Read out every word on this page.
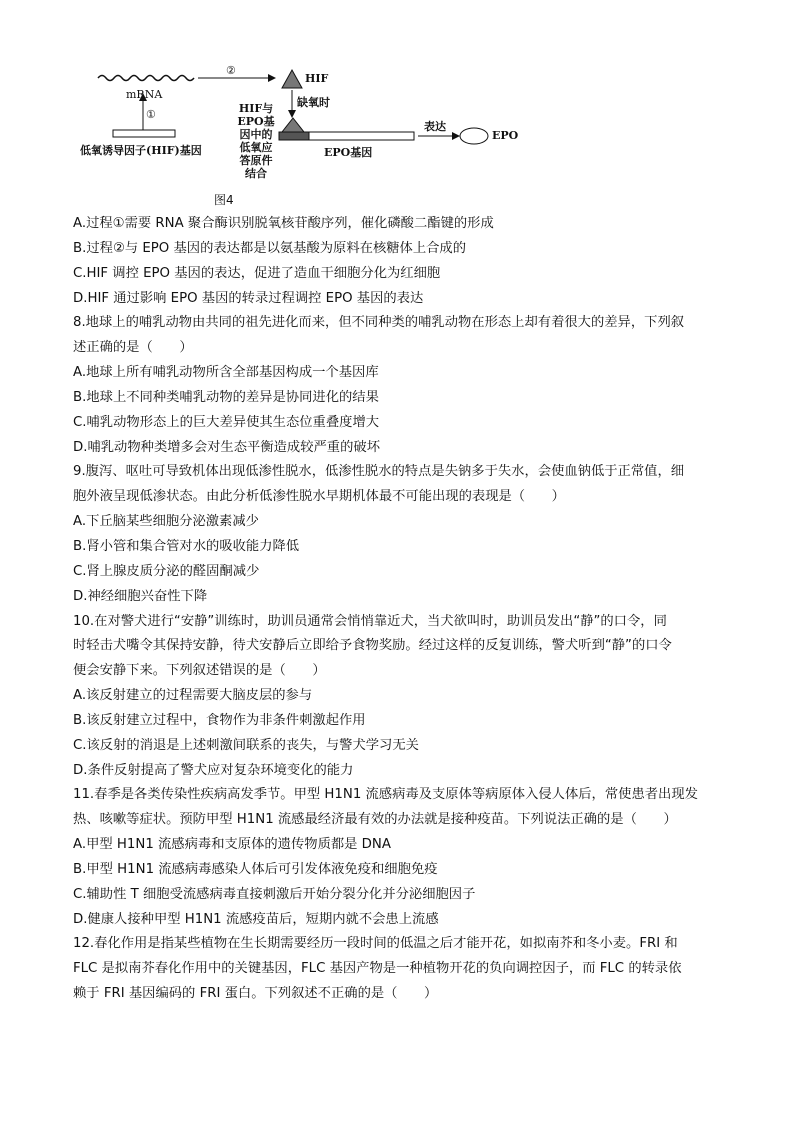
mRNA
①
②
HIF
缺氧时
低氧诱导因子(HIF)基因
HIF与
EPO基
因中的
低氧应
答原件
结合
EPO基因
表达
EPO
图4
A.过程①需要 RNA 聚合酶识别脱氧核苷酸序列，催化磷酸二酯键的形成
B.过程②与 EPO 基因的表达都是以氨基酸为原料在核糖体上合成的
C.HIF 调控 EPO 基因的表达，促进了造血干细胞分化为红细胞
D.HIF 通过影响 EPO 基因的转录过程调控 EPO 基因的表达
8.地球上的哺乳动物由共同的祖先进化而来，但不同种类的哺乳动物在形态上却有着很大的差异，下列叙
述正确的是（　　）
A.地球上所有哺乳动物所含全部基因构成一个基因库
B.地球上不同种类哺乳动物的差异是协同进化的结果
C.哺乳动物形态上的巨大差异使其生态位重叠度增大
D.哺乳动物种类增多会对生态平衡造成较严重的破坏
9.腹泻、呕吐可导致机体出现低渗性脱水，低渗性脱水的特点是失钠多于失水，会使血钠低于正常值，细
胞外液呈现低渗状态。由此分析低渗性脱水早期机体最不可能出现的表现是（　　）
A.下丘脑某些细胞分泌激素减少
B.肾小管和集合管对水的吸收能力降低
C.肾上腺皮质分泌的醛固酮减少
D.神经细胞兴奋性下降
10.在对警犬进行“安静”训练时，助训员通常会悄悄靠近犬，当犬欲叫时，助训员发出“静”的口令，同
时轻击犬嘴令其保持安静，待犬安静后立即给予食物奖励。经过这样的反复训练，警犬听到“静”的口令
便会安静下来。下列叙述错误的是（　　）
A.该反射建立的过程需要大脑皮层的参与
B.该反射建立过程中，食物作为非条件刺激起作用
C.该反射的消退是上述刺激间联系的丧失，与警犬学习无关
D.条件反射提高了警犬应对复杂环境变化的能力
11.春季是各类传染性疾病高发季节。甲型 H1N1 流感病毒及支原体等病原体入侵人体后，常使患者出现发
热、咳嗽等症状。预防甲型 H1N1 流感最经济最有效的办法就是接种疫苗。下列说法正确的是（　　）
A.甲型 H1N1 流感病毒和支原体的遗传物质都是 DNA
B.甲型 H1N1 流感病毒感染人体后可引发体液免疫和细胞免疫
C.辅助性 T 细胞受流感病毒直接刺激后开始分裂分化并分泌细胞因子
D.健康人接种甲型 H1N1 流感疫苗后，短期内就不会患上流感
12.春化作用是指某些植物在生长期需要经历一段时间的低温之后才能开花，如拟南芥和冬小麦。FRI 和
FLC 是拟南芥春化作用中的关键基因，FLC 基因产物是一种植物开花的负向调控因子，而 FLC 的转录依
赖于 FRI 基因编码的 FRI 蛋白。下列叙述不正确的是（　　）
